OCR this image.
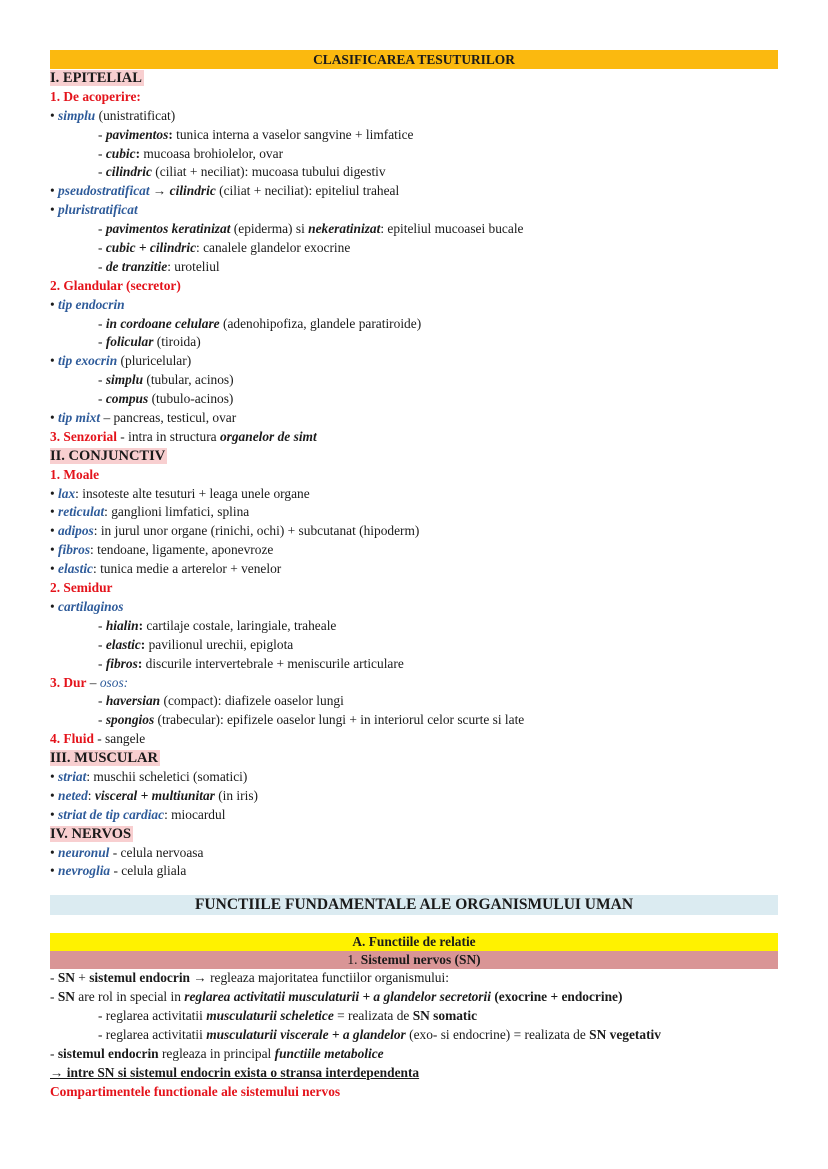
CLASIFICAREA TESUTURILOR
I. EPITELIAL
1. De acoperire:
• simplu (unistratificat)
- pavimentos: tunica interna a vaselor sangvine + limfatice
- cubic: mucoasa brohiolelor, ovar
- cilindric (ciliat + neciliat): mucoasa tubului digestiv
• pseudostratificat → cilindric (ciliat + neciliat): epiteliul traheal
• pluristratificat
- pavimentos keratinizat (epiderma) si nekeratinizat: epiteliul mucoasei bucale
- cubic + cilindric: canalele glandelor exocrine
- de tranzitie: uroteliul
2. Glandular (secretor)
• tip endocrin
- in cordoane celulare (adenohipofiza, glandele paratiroide)
- folicular (tiroida)
• tip exocrin (pluricelular)
- simplu (tubular, acinos)
- compus (tubulo-acinos)
• tip mixt – pancreas, testicul, ovar
3. Senzorial - intra in structura organelor de simt
II. CONJUNCTIV
1. Moale
• lax: insoteste alte tesuturi + leaga unele organe
• reticulat: ganglioni limfatici, splina
• adipos: in jurul unor organe (rinichi, ochi) + subcutanat (hipoderm)
• fibros: tendoane, ligamente, aponevroze
• elastic: tunica medie a arterelor + venelor
2. Semidur
• cartilaginos
- hialin: cartilaje costale, laringiale, traheale
- elastic: pavilionul urechii, epiglota
- fibros: discurile intervertebrale + meniscurile articulare
3. Dur – osos:
- haversian (compact): diafizele oaselor lungi
- spongios (trabecular): epifizele oaselor lungi + in interiorul celor scurte si late
4. Fluid - sangele
III. MUSCULAR
• striat: muschii scheletici (somatici)
• neted: visceral + multiunitar (in iris)
• striat de tip cardiac: miocardul
IV. NERVOS
• neuronul - celula nervoasa
• nevroglia - celula gliala
FUNCTIILE FUNDAMENTALE ALE ORGANISMULUI UMAN
A. Functiile de relatie
1. Sistemul nervos (SN)
- SN + sistemul endocrin → regleaza majoritatea functiilor organismului:
- SN are rol in special in reglarea activitatii musculaturii + a glandelor secretorii (exocrine + endocrine)
- reglarea activitatii musculaturii scheletice = realizata de SN somatic
- reglarea activitatii musculaturii viscerale + a glandelor (exo- si endocrine) = realizata de SN vegetativ
- sistemul endocrin regleaza in principal functiile metabolice
→ intre SN si sistemul endocrin exista o stransa interdependenta
Compartimentele functionale ale sistemului nervos
